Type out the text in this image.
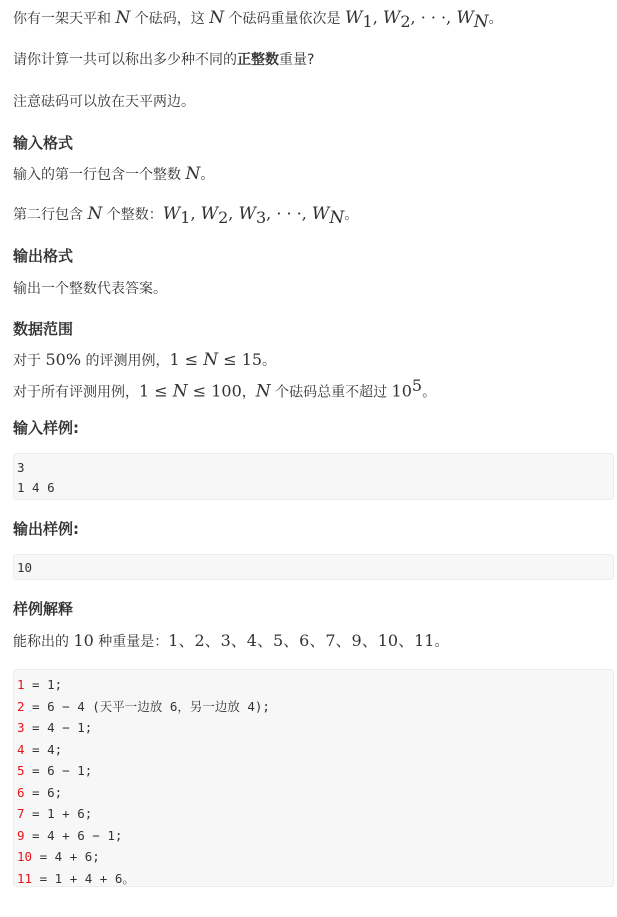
你有一架天平和 N 个砝码，这 N 个砝码重量依次是 $W_1$, $W_2$, · · ·, $W_N$。
请你计算一共可以称出多少种不同的正整数重量?
注意砝码可以放在天平两边。
输入格式
输入的第一行包含一个整数 N。
第二行包含 N 个整数：$W_1$, $W_2$, $W_3$, · · ·, $W_N$。
输出格式
输出一个整数代表答案。
数据范围
对于 50% 的评测用例，1 ≤ N ≤ 15。
对于所有评测用例，1 ≤ N ≤ 100，N 个砝码总重不超过 $10^5$。
输入样例:
3
1 4 6
输出样例:
10
样例解释
能称出的 10 种重量是：1、2、3、4、5、6、7、9、10、11。
1 = 1;
2 = 6 − 4 (天平一边放 6，另一边放 4);
3 = 4 − 1;
4 = 4;
5 = 6 − 1;
6 = 6;
7 = 1 + 6;
9 = 4 + 6 − 1;
10 = 4 + 6;
11 = 1 + 4 + 6。
